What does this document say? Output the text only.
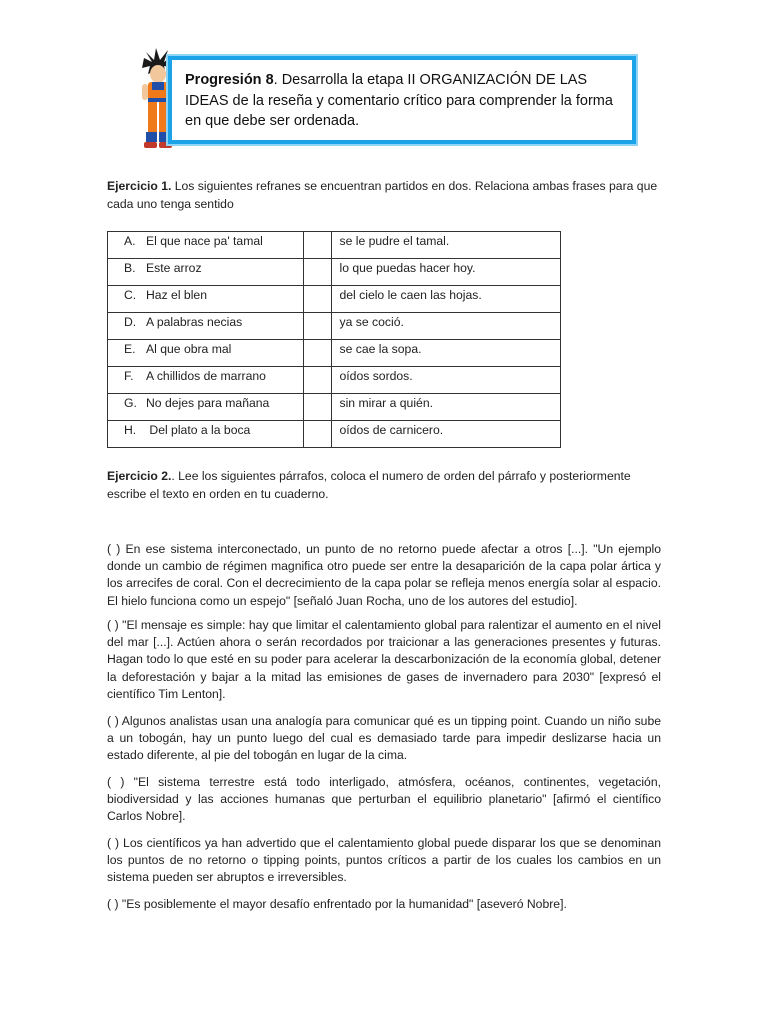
Progresión 8. Desarrolla la etapa II ORGANIZACIÓN DE LAS IDEAS de la reseña y comentario crítico para comprender la forma en que debe ser ordenada.
Ejercicio 1. Los siguientes refranes se encuentran partidos en dos. Relaciona ambas frases para que cada uno tenga sentido
A. El que nace pa' tamal		se le pudre el tamal.
B. Este arroz		lo que puedas hacer hoy.
C. Haz el blen		del cielo le caen las hojas.
D. A palabras necias		ya se coció.
E. Al que obra mal		se cae la sopa.
F. A chillidos de marrano		oídos sordos.
G. No dejes para mañana		sin mirar a quién.
H. Del plato a la boca		oídos de carnicero.
Ejercicio 2.. Lee los siguientes párrafos, coloca el numero de orden del párrafo y posteriormente escribe el texto en orden en tu cuaderno.
( ) En ese sistema interconectado, un punto de no retorno puede afectar a otros [...]. "Un ejemplo donde un cambio de régimen magnifica otro puede ser entre la desaparición de la capa polar ártica y los arrecifes de coral. Con el decrecimiento de la capa polar se refleja menos energía solar al espacio. El hielo funciona como un espejo" [señaló Juan Rocha, uno de los autores del estudio].
( ) "El mensaje es simple: hay que limitar el calentamiento global para ralentizar el aumento en el nivel del mar [...]. Actúen ahora o serán recordados por traicionar a las generaciones presentes y futuras. Hagan todo lo que esté en su poder para acelerar la descarbonización de la economía global, detener la deforestación y bajar a la mitad las emisiones de gases de invernadero para 2030" [expresó el científico Tim Lenton].
( ) Algunos analistas usan una analogía para comunicar qué es un tipping point. Cuando un niño sube a un tobogán, hay un punto luego del cual es demasiado tarde para impedir deslizarse hacia un estado diferente, al pie del tobogán en lugar de la cima.
( ) "El sistema terrestre está todo interligado, atmósfera, océanos, continentes, vegetación, biodiversidad y las acciones humanas que perturban el equilibrio planetario" [afirmó el científico Carlos Nobre].
( ) Los científicos ya han advertido que el calentamiento global puede disparar los que se denominan los puntos de no retorno o tipping points, puntos críticos a partir de los cuales los cambios en un sistema pueden ser abruptos e irreversibles.
( ) "Es posiblemente el mayor desafío enfrentado por la humanidad" [aseveró Nobre].
